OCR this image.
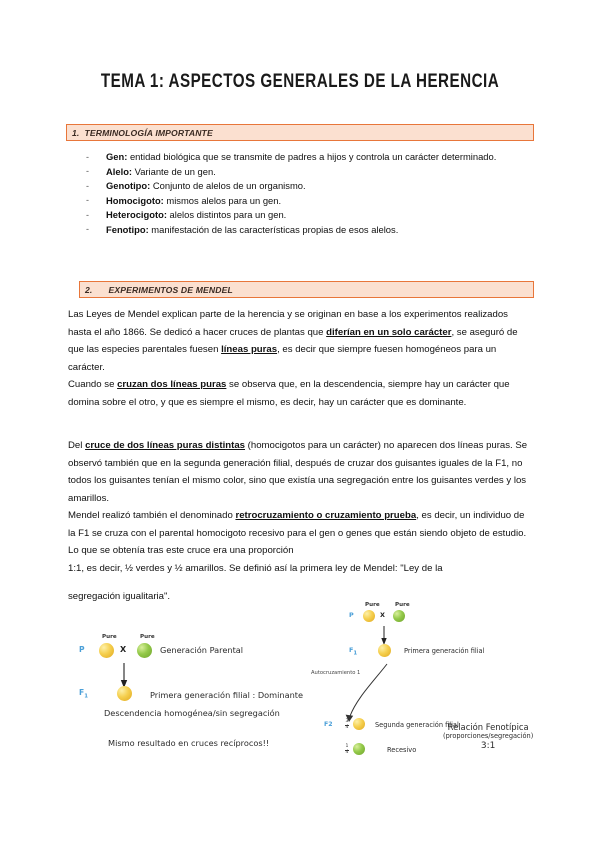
TEMA 1: ASPECTOS GENERALES DE LA HERENCIA
1. TERMINOLOGÍA IMPORTANTE
-	Gen: entidad biológica que se transmite de padres a hijos y controla un carácter determinado.
-	Alelo: Variante de un gen.
-	Genotipo: Conjunto de alelos de un organismo.
-	Homocigoto: mismos alelos para un gen.
-	Heterocigoto: alelos distintos para un gen.
-	Fenotipo: manifestación de las características propias de esos alelos.
2.	EXPERIMENTOS DE MENDEL
Las Leyes de Mendel explican parte de la herencia y se originan en base a los experimentos realizados hasta el año 1866. Se dedicó a hacer cruces de plantas que diferían en un solo carácter, se aseguró de que las especies parentales fuesen líneas puras, es decir que siempre fuesen homogéneos para un carácter.
Cuando se cruzan dos líneas puras se observa que, en la descendencia, siempre hay un carácter que domina sobre el otro, y que es siempre el mismo, es decir, hay un carácter que es dominante.
Del cruce de dos líneas puras distintas (homocigotos para un carácter) no aparecen dos líneas puras. Se observó también que en la segunda generación filial, después de cruzar dos guisantes iguales de la F1, no todos los guisantes tenían el mismo color, sino que existía una segregación entre los guisantes verdes y los amarillos.
Mendel realizó también el denominado retrocruzamiento o cruzamiento prueba, es decir, un individuo de la F1 se cruza con el parental homocigoto recesivo para el gen o genes que están siendo objeto de estudio. Lo que se obtenía tras este cruce era una proporción
1:1, es decir, ½ verdes y ½ amarillos. Se definió así la primera ley de Mendel: "Ley de la
segregación igualitaria".
Pure	Pure
P	X	Generación Parental
$F_1$	Primera generación filial : Dominante
Descendencia homogénea/sin segregación
Mismo resultado en cruces recíprocos!!
Pure	Pure
P	X
$F_1$	Primera generación filial
Autocruzamiento 1
F2	3
4	Segunda generación filial
1
4	Recesivo
Relación Fenotípica
(proporciones/segregación)
3:1
